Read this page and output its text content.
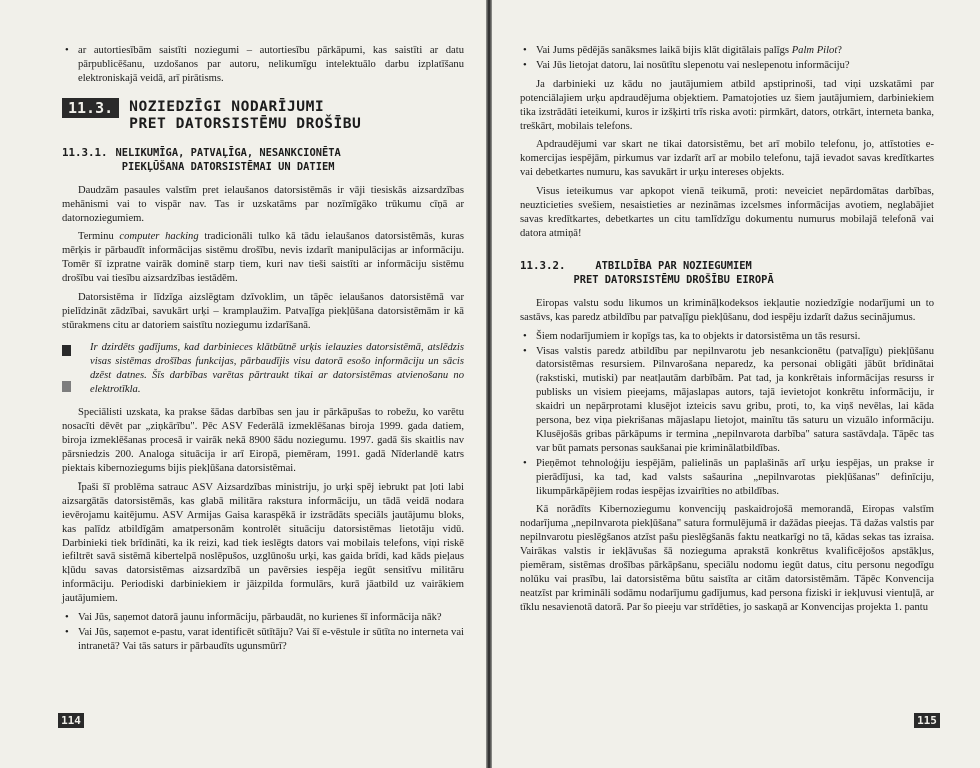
• ar autortiesībām saistīti noziegumi – autortiesību pārkāpumi, kas saistīti ar datu pārpublicēšanu, uzdošanos par autoru, nelikumīgu intelektuālo darbu izplatīšanu elektroniskajā veidā, arī pirātisms.
11.3.	NOZIEDZĪGI NODARĪJUMI
PRET DATORSISTĒMU DROŠĪBU
11.3.1. NELIKUMĪGA, PATVAĻĪGA, NESANKCIONĒTA
PIEKĻŪŠANA DATORSISTĒMAI UN DATIEM

Daudzām pasaules valstīm pret ielaušanos datorsistēmās ir vāji tiesiskās aizsardzības mehānismi vai to vispār nav. Tas ir uzskatāms par nozīmīgāko trūkumu cīņā ar datornoziegumiem.

Terminu computer hacking tradicionāli tulko kā tādu ielaušanos datorsistēmās, kuras mērķis ir pārbaudīt informācijas sistēmu drošību, nevis izdarīt manipulācijas ar informāciju. Tomēr šī izpratne vairāk dominē starp tiem, kuri nav tieši saistīti ar informāciju sistēmu drošību vai tiesību aizsardzības iestādēm.

Datorsistēma ir līdzīga aizslēgtam dzīvoklim, un tāpēc ielaušanos datorsistēmā var pielīdzināt zādzībai, savukārt urķi – kramplaužim. Patvaļīga piekļūšana datorsistēmām ir kā stūrakmens citu ar datoriem saistītu noziegumu izdarīšanā.

Ir dzirdēts gadījums, kad darbinieces klātbūtnē urķis ielauzies datorsistēmā, atslēdzis visas sistēmas drošības funkcijas, pārbaudījis visu datorā esošo informāciju un sācis dzēst datnes. Šīs darbības varētas pārtraukt tikai ar datorsistēmas atvienošanu no elektrotīkla.

Speciālisti uzskata, ka prakse šādas darbības sen jau ir pārkāpušas to robežu, ko varētu nosacīti dēvēt par „ziņkārību". Pēc ASV Federālā izmeklēšanas biroja 1999. gada datiem, biroja izmeklēšanas procesā ir vairāk nekā 8900 šādu noziegumu. 1997. gadā šis skaitlis nav pārsniedzis 200. Analoga situācija ir arī Eiropā, piemēram, 1991. gadā Nīderlandē katrs piektais kibernoziegums bijis piekļūšana datorsistēmai.

Īpaši šī problēma satrauc ASV Aizsardzības ministriju, jo urķi spēj iebrukt pat ļoti labi aizsargātās datorsistēmās, kas glabā militāra rakstura informāciju, un tādā veidā nodara ievērojamu kaitējumu. ASV Armijas Gaisa karaspēkā ir izstrādāts speciāls jautājumu bloks, kas palīdz atbildīgām amatpersonām kontrolēt situāciju datorsistēmas lietotāju vidū. Darbinieki tiek brīdināti, ka ik reizi, kad tiek ieslēgts dators vai mobilais telefons, viņi riskē iefiltrēt savā sistēmā kibertelpā noslēpušos, uzglūnošu urķi, kas gaida brīdi, kad kāds pieļaus kļūdu savas datorsistēmas aizsardzībā un pavērsies iespēja iegūt sensitīvu militāru informāciju. Periodiski darbiniekiem ir jāizpilda formulārs, kurā jāatbild uz vairākiem jautājumiem.

• Vai Jūs, saņemot datorā jaunu informāciju, pārbaudāt, no kurienes šī informācija nāk?
• Vai Jūs, saņemot e-pastu, varat identificēt sūtītāju? Vai šī e-vēstule ir sūtīta no interneta vai intranetā? Vai tās saturs ir pārbaudīts ugunsmūrī?
114
• Vai Jums pēdējās sanāksmes laikā bijis klāt digitālais palīgs Palm Pilot?
• Vai Jūs lietojat datoru, lai nosūtītu slepenotu vai neslepenotu informāciju?

Ja darbinieki uz kādu no jautājumiem atbild apstiprinoši, tad viņi uzskatāmi par potenciālajiem urķu apdraudējuma objektiem. Pamatojoties uz šiem jautājumiem, darbiniekiem tika izstrādāti ieteikumi, kuros ir izšķirti trīs riska avoti: pirmkārt, dators, otrkārt, interneta banka, treškārt, mobilais telefons.

Apdraudējumi var skart ne tikai datorsistēmu, bet arī mobilo telefonu, jo, attīstoties e-komercijas iespējām, pirkumus var izdarīt arī ar mobilo telefonu, tajā ievadot savas kredītkartes vai debetkartes numuru, kas savukārt ir urķu intereses objekts.

Visus ieteikumus var apkopot vienā teikumā, proti: neveiciet nepārdomātas darbības, neuzticieties svešiem, nesaistieties ar nezināmas izcelsmes informācijas avotiem, neglabājiet savas kredītkartes, debetkartes un citu tamlīdzīgu dokumentu numurus mobilajā telefonā vai datora atmiņā!

11.3.2.	ATBILDĪBA PAR NOZIEGUMIEM
PRET DATORSISTĒMU DROŠĪBU EIROPĀ

Eiropas valstu sodu likumos un krimināļkodeksos iekļautie noziedzīgie nodarījumi un to sastāvs, kas paredz atbildību par patvaļīgu piekļūšanu, dod iespēju izdarīt dažus secinājumus.

• Šiem nodarījumiem ir kopīgs tas, ka to objekts ir datorsistēma un tās resursi.
• Visas valstis paredz atbildību par nepilnvarotu jeb nesankcionētu (patvaļīgu) piekļūšanu datorsistēmas resursiem. Pilnvarošana neparedz, ka personai obligāti jābūt brīdinātai (rakstiski, mutiski) par neatļautām darbībām. Pat tad, ja konkrētais informācijas resurss ir publisks un visiem pieejams, mājaslapas autors, tajā ievietojot konkrētu informāciju, ir skaidri un nepārprotami klusējot izteicis savu gribu, proti, to, ka viņš nevēlas, lai kāda persona, bez viņa piekrišanas mājaslapu lietojot, mainītu tās saturu un vizuālo informāciju. Klusējošās gribas pārkāpums ir termina „nepilnvarota darbība" satura sastāvdaļa. Tāpēc tas var būt pamats personas saukšanai pie kriminālatbildības.
• Pieņēmot tehnoloģiju iespējām, palielinās un paplašinās arī urķu iespējas, un prakse ir pierādījusi, ka tad, kad valsts sašaurina „nepilnvarotas piekļūšanas" definīciju, likumpārkāpējiem rodas iespējas izvairīties no atbildības.

Kā norādīts Kibernoziegumu konvencijų paskaidrojošā memorandā, Eiropas valstīm nodarījuma „nepilnvarota piekļūšana" satura formulējumā ir dažādas pieejas. Tā dažas valstis par nepilnvarotu pieslēgšanos atzīst pašu pieslēgšanās faktu neatkarīgi no tā, kādas sekas tas izraisa. Vairākas valstis ir iekļāvušas šā nozieguma aprakstā konkrētus kvalificējošos apstākļus, piemēram, sistēmas drošības pārkāpšanu, speciālu nodomu iegūt datus, citu personu negodīgu nolūku vai prasību, lai datorsistēma būtu saistīta ar citām datorsistēmām. Tāpēc Konvencija neatzīst par krimināli sodāmu nodarījumu gadījumus, kad persona fiziski ir iekļuvusi vientuļā, ar tīklu nesavienotā datorā. Par šo pieeju var strīdēties, jo saskaņā ar Konvencijas projekta 1. pantu

115
